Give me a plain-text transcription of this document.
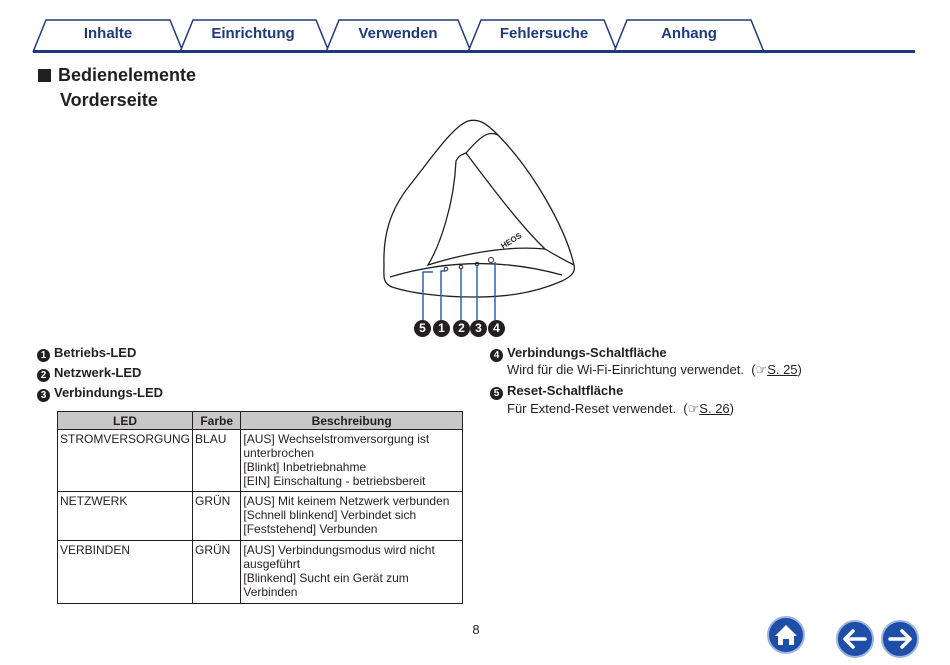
Inhalte	Einrichtung	Verwenden	Fehlersuche	Anhang
Bedienelemente
Vorderseite
HEOS
5	1	2 3 4
1 Betriebs-LED
2 Netzwerk-LED
3 Verbindungs-LED
4 Verbindungs-Schaltfläche
Wird für die Wi-Fi-Einrichtung verwendet.  (☞S. 25)
5 Reset-Schaltfläche
Für Extend-Reset verwendet.  (☞S. 26)
LED	Farbe	Beschreibung
STROMVERSORGUNG	BLAU	[AUS] Wechselstromversorgung ist
unterbrochen
[Blinkt] Inbetriebnahme
[EIN] Einschaltung - betriebsbereit

NETZWERK	GRÜN	[AUS] Mit keinem Netzwerk verbunden
[Schnell blinkend] Verbindet sich
[Feststehend] Verbunden

VERBINDEN	GRÜN	[AUS] Verbindungsmodus wird nicht
ausgeführt
[Blinkend] Sucht ein Gerät zum
Verbinden
8
